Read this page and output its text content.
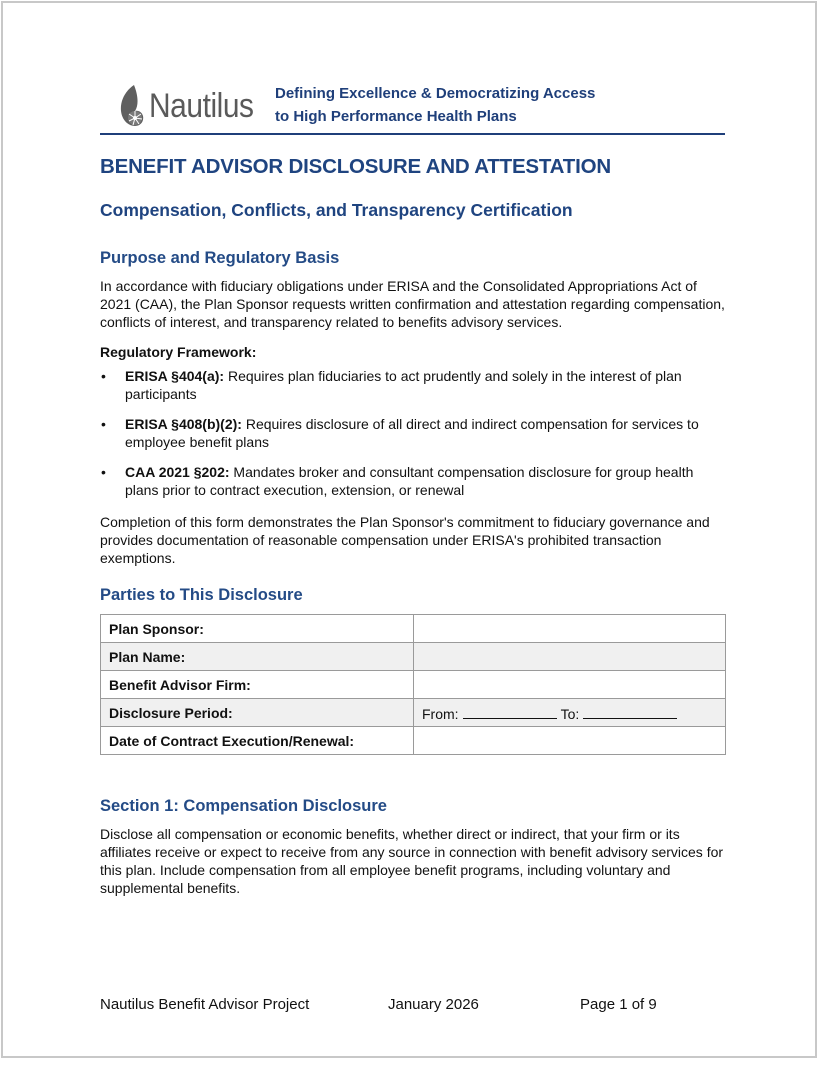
Nautilus Defining Excellence & Democratizing Access
to High Performance Health Plans
BENEFIT ADVISOR DISCLOSURE AND ATTESTATION
Compensation, Conflicts, and Transparency Certification
Purpose and Regulatory Basis

In accordance with fiduciary obligations under ERISA and the Consolidated Appropriations Act of 2021 (CAA), the Plan Sponsor requests written confirmation and attestation regarding compensation, conflicts of interest, and transparency related to benefits advisory services.

Regulatory Framework:

• ERISA §404(a): Requires plan fiduciaries to act prudently and solely in the interest of plan participants
• ERISA §408(b)(2): Requires disclosure of all direct and indirect compensation for services to employee benefit plans
• CAA 2021 §202: Mandates broker and consultant compensation disclosure for group health plans prior to contract execution, extension, or renewal

Completion of this form demonstrates the Plan Sponsor's commitment to fiduciary governance and provides documentation of reasonable compensation under ERISA's prohibited transaction exemptions.

Parties to This Disclosure
Plan Sponsor:	
Plan Name:	
Benefit Advisor Firm:	
Disclosure Period:	From: To:
Date of Contract Execution/Renewal:	
Section 1: Compensation Disclosure

Disclose all compensation or economic benefits, whether direct or indirect, that your firm or its affiliates receive or expect to receive from any source in connection with benefit advisory services for this plan. Include compensation from all employee benefit programs, including voluntary and supplemental benefits.

Nautilus Benefit Advisor Project	January 2026	Page 1 of 9
